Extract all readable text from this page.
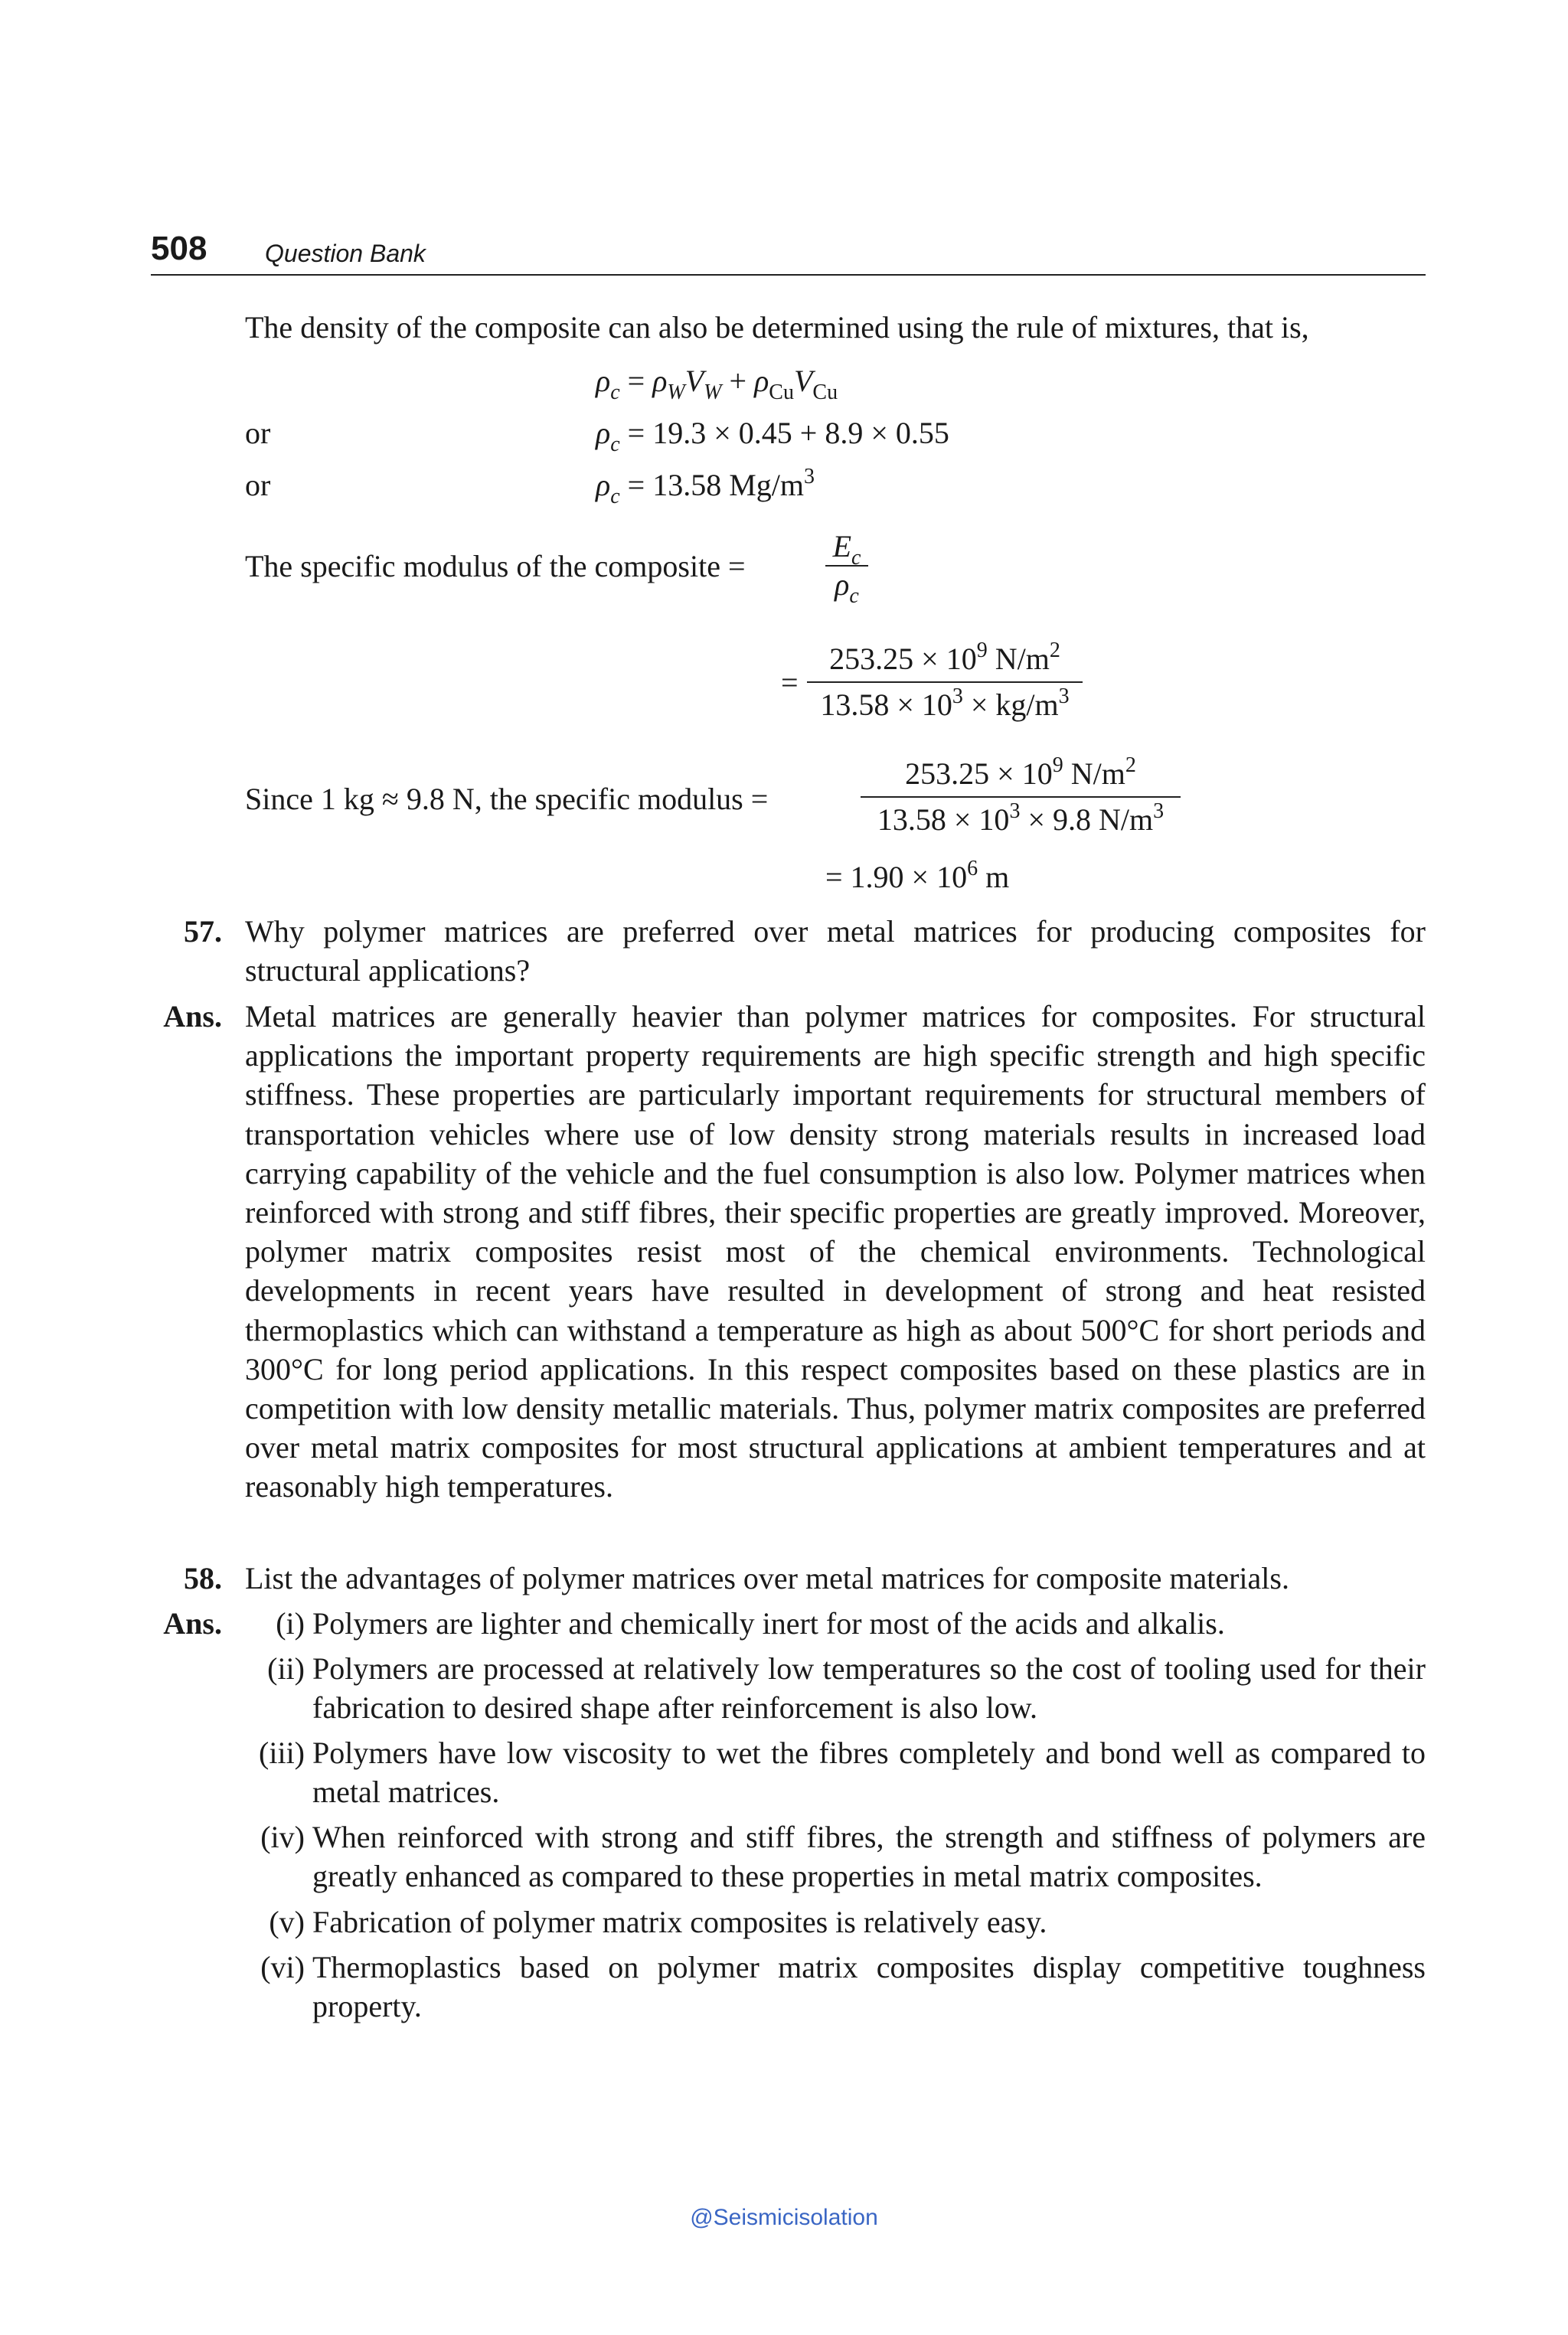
508 Question Bank
The density of the composite can also be determined using the rule of mixtures, that is,
$\rho_c = \rho_WV_W + \rho_{Cu}V_{Cu}$
or	$\rho_c = 19.3 \times 0.45 + 8.9 \times 0.55$
or	$\rho_c = 13.58$ $Mg/m^3$
The specific modulus of the composite =
$E_c$
$\rho_c$
=
$253.25 \times 10^9$ $N/m^2$
$13.58 \times 10^3 \times kg/m^3$
Since 1 kg ≈ 9.8 N, the specific modulus =
$253.25 \times 10^9$ $N/m^2$
$13.58 \times 10^3 \times 9.8$ $N/m^3$
= $1.90 \times 10^6$ m
57. Why polymer matrices are preferred over metal matrices for producing composites for structural applications?
Ans. Metal matrices are generally heavier than polymer matrices for composites. For structural applications the important property requirements are high specific strength and high specific stiffness. These properties are particularly important requirements for structural members of transportation vehicles where use of low density strong materials results in increased load carrying capability of the vehicle and the fuel consumption is also low. Polymer matrices when reinforced with strong and stiff fibres, their specific properties are greatly improved. Moreover, polymer matrix composites resist most of the chemical environments. Technological developments in recent years have resulted in development of strong and heat resisted thermoplastics which can withstand a temperature as high as about 500°C for short periods and 300°C for long period applications. In this respect composites based on these plastics are in competition with low density metallic materials. Thus, polymer matrix composites are preferred over metal matrix composites for most structural applications at ambient temperatures and at reasonably high temperatures.
58. List the advantages of polymer matrices over metal matrices for composite materials.
Ans.	(i) Polymers are lighter and chemically inert for most of the acids and alkalis.
(ii) Polymers are processed at relatively low temperatures so the cost of tooling used for their fabrication to desired shape after reinforcement is also low.
(iii) Polymers have low viscosity to wet the fibres completely and bond well as compared to metal matrices.
(iv) When reinforced with strong and stiff fibres, the strength and stiffness of polymers are greatly enhanced as compared to these properties in metal matrix composites.
(v) Fabrication of polymer matrix composites is relatively easy.
(vi) Thermoplastics based on polymer matrix composites display competitive toughness property.
@Seismicisolation
